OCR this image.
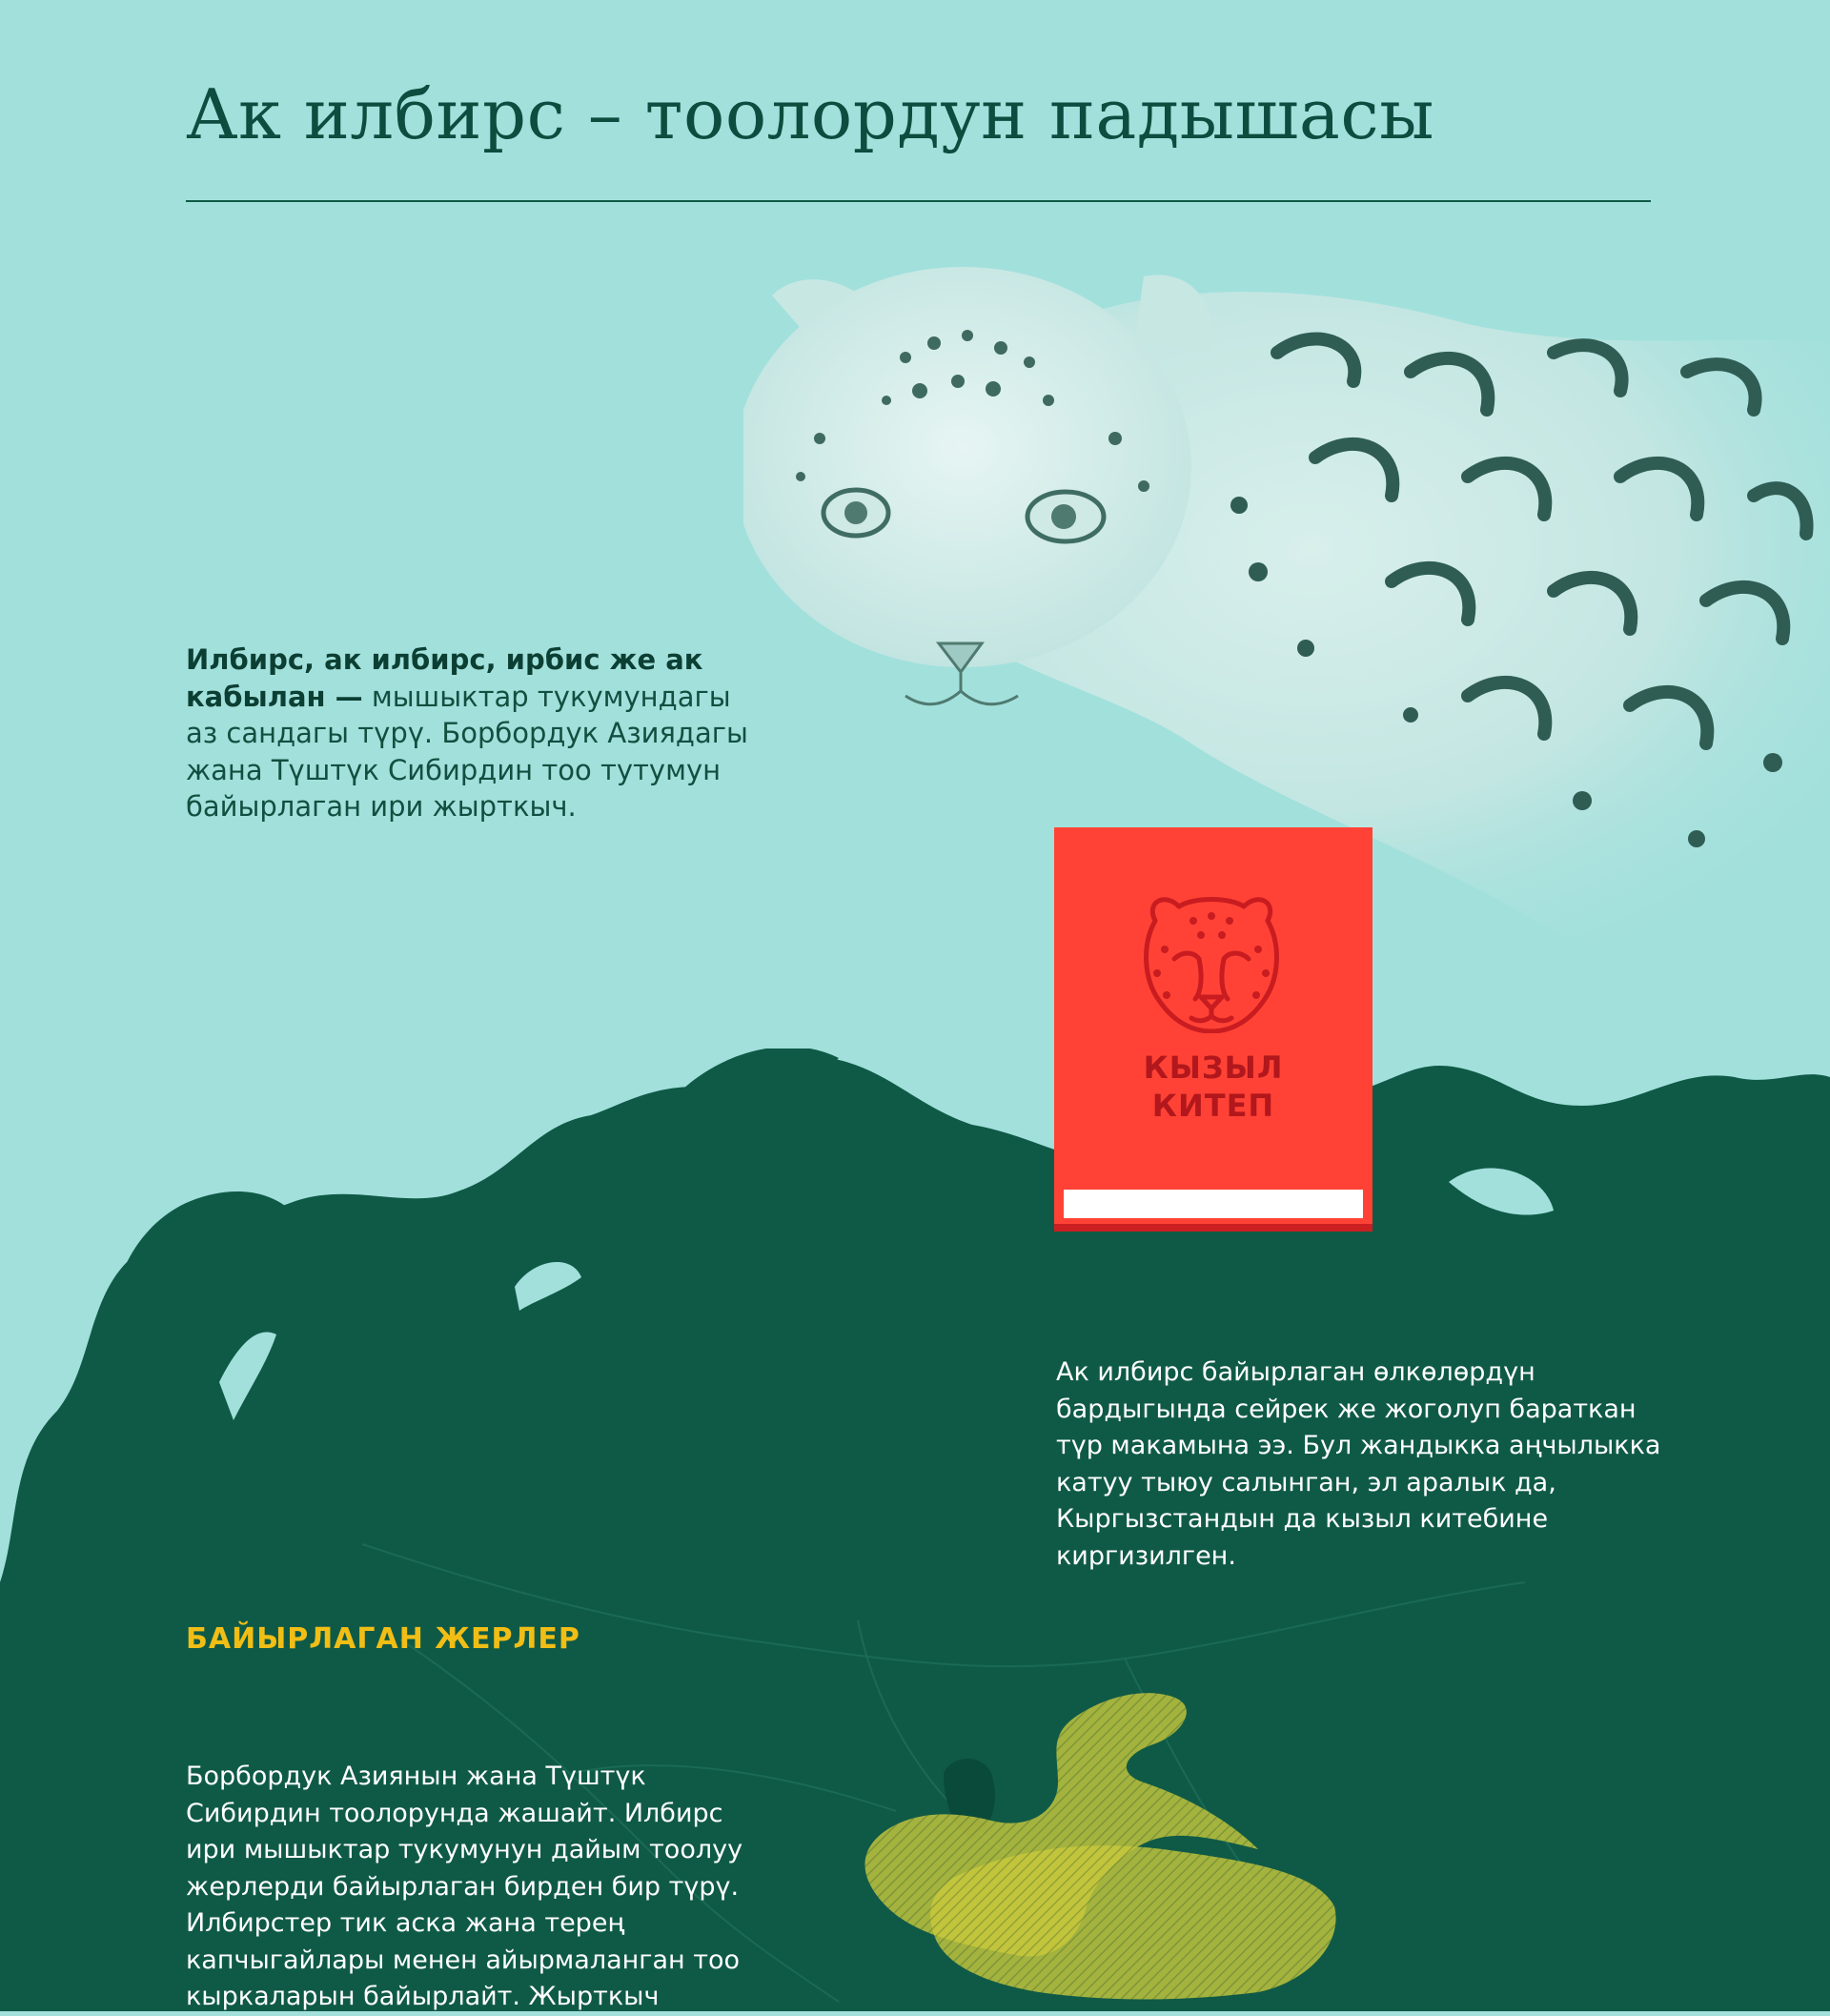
Ак илбирс – тоолордун падышасы

Илбирс, ак илбирс, ирбис же ак кабылан — мышыктар тукумундагы аз сандагы түрү. Борбордук Азиядагы жана Түштүк Сибирдин тоо тутумун байырлаган ири жырткыч.

КЫЗЫЛ
КИТЕП

Ак илбирс байырлаган өлкөлөрдүн бардыгында сейрек же жоголуп бараткан түр макамына ээ. Бул жандыкка аңчылыкка катуу тыюу салынган, эл аралык да, Кыргызстандын да кызыл китебине киргизилген.

БАЙЫРЛАГАН ЖЕРЛЕР

Борбордук Азиянын жана Түштүк Сибирдин тоолорунда жашайт. Илбирс ири мышыктар тукумунун дайым тоолуу жерлерди байырлаган бирден бир түрү. Илбирстер тик аска жана терең капчыгайлары менен айырмаланган тоо кыркаларын байырлайт. Жырткыч
